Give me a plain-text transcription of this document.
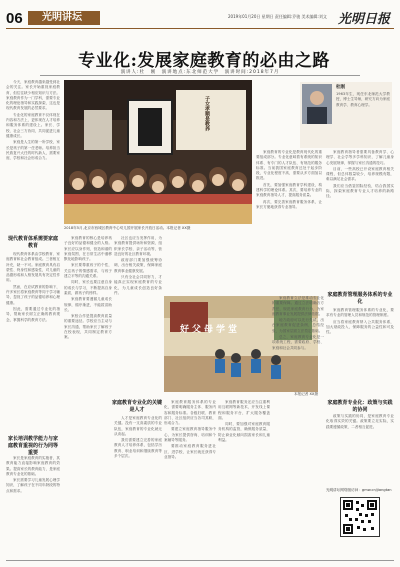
06	光明讲坛	2019年01月20日 星期日 责任编辑:乔骏 美术编辑:刘文 光明日报
专业化:发展家庭教育的必由之路
演讲人:杜　刚　演讲地点:东北师范大学　演讲时间:2018年7月

今天，家庭教育越来越受到社会的关注。家长开始重视家庭教育，但往往缺少相应知识与方法。家庭教育作为一门学科，需要专业化的理论指导和实践探索，这也是现代教育发展的必然要求。

专业化的家庭教育不仅体现在内容和方法上，更体现在人才培养和服务体系的建设上。家长、学校、社会三方协同，共同促进儿童健康成长。

家庭是人生的第一所学校，家长是孩子的第一任老师。培养担当民族复兴大任的时代新人，需要家庭、学校和社会形成合力。

子女孝顺是教养
2018年5月,北京市西城区教育中心幼儿园开展家长开放日活动。本报记者 XX摄
杜刚
1963年生，现任东北师范大学教授，博士生导师，研究方向为家庭教育学、教育心理学。

家庭教育的专业化是教育现代化的重要组成部分。专业化意味着有系统的知识体系、有专门的人才队伍、有规范的服务标准。当前我国家庭教育还处于起步阶段，专业化程度不高，需要从多方面加以推进。

首先，要加强家庭教育学科建设，构建科学的理论体系。其次，要培养专业的家庭教育指导人才，提高服务质量。

再次，要完善家庭教育服务体系，让家长方便地获得专业指导。

家庭教育指导者需要具备教育学、心理学、社会学等多学科知识，了解儿童身心发展规律，掌握与家长沟通的技巧。

目前，一些高校已开设家庭教育相关课程，但总体数量较少，培养规模有限，难以满足社会需求。

我们应当借鉴国际经验，结合我国实际，探索家庭教育专业人才培养的新路径。

家庭教育管理服务体系的专业化
现代教育体系需要家庭教育

现代教育体系由学校教育、家庭教育和社会教育组成。三者相互补充，缺一不可。家庭教育具有启蒙性、终身性和感染性，对儿童的品德形成和人格发展具有决定性作用。

然而，在应试教育的影响下，许多家长将家庭教育等同于学习辅导，忽视了孩子的品德培养和心理健康。

因此，需要通过专业化的指导，帮助家长树立正确的教育观念，掌握科学的教育方法。

家长培训教学能力与家庭教育重视的行为同等重要

家长是家庭教育的实施者，其教育能力直接影响家庭教育的效果。提高家长的教育能力，是家庭教育专业化的基础。

家长需要学习儿童发展心理学知识，了解孩子在不同年龄段的特点和需求。

家庭教育的核心是培养孩子良好的品德和健全的人格。家长应以身作则，营造和谐的家庭氛围，在日常生活中潜移默化地影响孩子。

家长要尊重孩子的个性，关注孩子的情感需求，与孩子建立平等的沟通关系。

同时，家长也要注意自身的成长与学习，不断提高自身素质，做孩子的榜样。

家庭教育要遵循儿童成长规律，循序渐进，不能拔苗助长。

家校合作是提高教育质量的重要途径。学校应当主动与家长沟通，帮助家长了解孩子在校表现，共同制定教育方案。

社区也应当发挥作用，为家庭教育提供场所和资源，组织家长学校、亲子活动等，营造良好的社区教育环境。

政府部门要加强统筹协调，出台相关政策，保障家庭教育事业健康发展。

只有全社会共同努力，才能真正实现家庭教育的专业化，为儿童成长创造良好条件。

家庭教育专业化的关键是人才

人才是家庭教育专业化的关键。没有一支高素质的专业队伍，家庭教育的专业化就无从谈起。

我们需要建立完善的家庭教育人才培养体系，包括学历教育、职业培训和继续教育等多个层次。

好父母学堂
本报记者 XX摄

家庭教育服务体系的专业化，需要明确服务主体、服务内容和服务标准。各级妇联、教育部门、社区组织应当各司其职，形成合力。

要建立家庭教育指导服务中心，为家长提供咨询、培训和个案辅导等服务。

要推动家庭教育服务进社区、进学校，让家长就近获得专业指导。

家庭教育服务还应当注重利用互联网等新技术，开发线上课程和服务平台，扩大服务覆盖面。

同时，要加强对家庭教育服务机构的监管，确保服务质量，防止商业化倾向损害家长和儿童利益。

家庭教育立法是推动专业化的重要保障。通过立法明确各方责任，规范家庭教育行为，为家庭教育事业发展提供法律依据。

地方政府可以先行先试，出台家庭教育促进条例，总结经验，为国家层面立法奠定基础。

总之，家庭教育专业化是一项系统工程，需要政府、学校、家庭和社会共同参与。

家庭教育专业化：政策与实践的协同

家庭教育管理服务体系的专业化，要求有专业的管理人员和规范的管理制度。

应当将家庭教育纳入公共服务体系，加大财政投入，保障服务的公益性和可及性。

政策与实践的协同，是家庭教育专业化取得实效的关键。政策要立足实际，实践要遵循政策，二者相互促进。

光明讲坛网络版访问：gmw.cn/jiangtan
